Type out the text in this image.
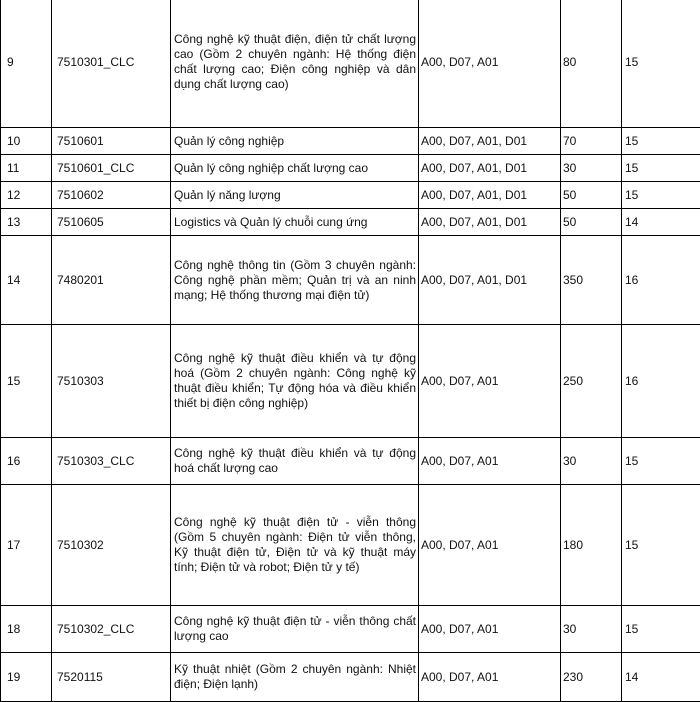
9	7510301_CLC	Công nghệ kỹ thuật điện, điện tử chất lượng cao (Gồm 2 chuyên ngành: Hệ thống điện chất lượng cao; Điện công nghiệp và dân dụng chất lượng cao)	A00, D07, A01	80	15
10	7510601	Quản lý công nghiệp	A00, D07, A01, D01	70	15
11	7510601_CLC	Quản lý công nghiệp chất lượng cao	A00, D07, A01, D01	30	15
12	7510602	Quản lý năng lượng	A00, D07, A01, D01	50	15
13	7510605	Logistics và Quản lý chuỗi cung ứng	A00, D07, A01, D01	50	14
14	7480201	Công nghệ thông tin (Gồm 3 chuyên ngành: Công nghệ phần mềm; Quản trị và an ninh mạng; Hệ thống thương mại điện tử)	A00, D07, A01, D01	350	16
15	7510303	Công nghệ kỹ thuật điều khiển và tự động hoá (Gồm 2 chuyên ngành: Công nghệ kỹ thuật điều khiển; Tự động hóa và điều khiển thiết bị điện công nghiệp)	A00, D07, A01	250	16
16	7510303_CLC	Công nghệ kỹ thuật điều khiển và tự động hoá chất lượng cao	A00, D07, A01	30	15
17	7510302	Công nghệ kỹ thuật điện tử - viễn thông (Gồm 5 chuyên ngành: Điện tử viễn thông, Kỹ thuật điện tử, Điện tử và kỹ thuật máy tính; Điện tử và robot; Điện tử y tế)	A00, D07, A01	180	15
18	7510302_CLC	Công nghệ kỹ thuật điện tử - viễn thông chất lượng cao	A00, D07, A01	30	15
19	7520115	Kỹ thuật nhiệt (Gồm 2 chuyên ngành: Nhiệt điện; Điện lạnh)	A00, D07, A01	230	14
